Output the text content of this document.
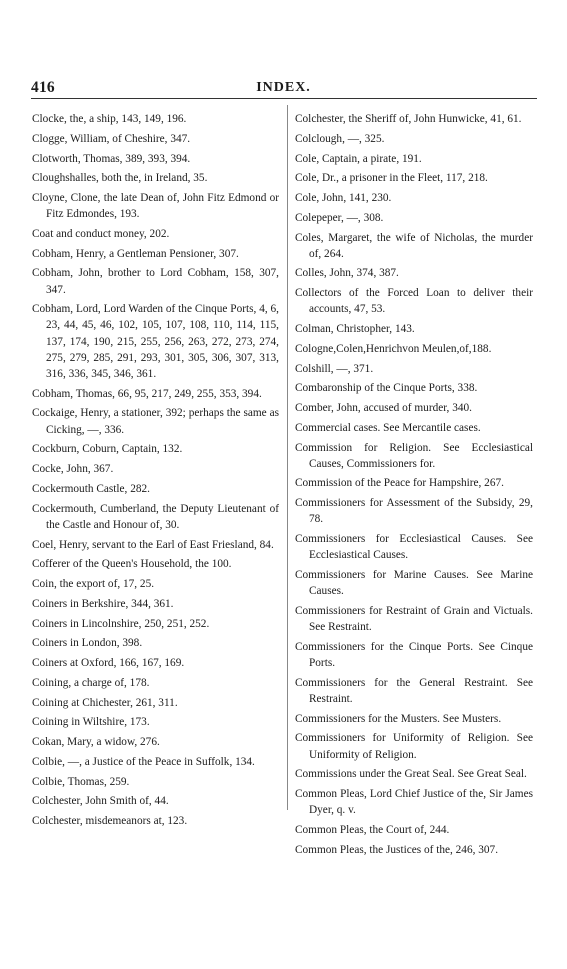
416	INDEX.
Clocke, the, a ship, 143, 149, 196.
Clogge, William, of Cheshire, 347.
Clotworth, Thomas, 389, 393, 394.
Cloughshalles, both the, in Ireland, 35.
Cloyne, Clone, the late Dean of, John Fitz Edmond or Fitz Edmondes, 193.
Coat and conduct money, 202.
Cobham, Henry, a Gentleman Pensioner, 307.
Cobham, John, brother to Lord Cobham, 158, 307, 347.
Cobham, Lord, Lord Warden of the Cinque Ports, 4, 6, 23, 44, 45, 46, 102, 105, 107, 108, 110, 114, 115, 137, 174, 190, 215, 255, 256, 263, 272, 273, 274, 275, 279, 285, 291, 293, 301, 305, 306, 307, 313, 316, 336, 345, 346, 361.
Cobham, Thomas, 66, 95, 217, 249, 255, 353, 394.
Cockaige, Henry, a stationer, 392; perhaps the same as Cicking, —, 336.
Cockburn, Coburn, Captain, 132.
Cocke, John, 367.
Cockermouth Castle, 282.
Cockermouth, Cumberland, the Deputy Lieutenant of the Castle and Honour of, 30.
Coel, Henry, servant to the Earl of East Friesland, 84.
Cofferer of the Queen's Household, the 100.
Coin, the export of, 17, 25.
Coiners in Berkshire, 344, 361.
Coiners in Lincolnshire, 250, 251, 252.
Coiners in London, 398.
Coiners at Oxford, 166, 167, 169.
Coining, a charge of, 178.
Coining at Chichester, 261, 311.
Coining in Wiltshire, 173.
Cokan, Mary, a widow, 276.
Colbie, —, a Justice of the Peace in Suffolk, 134.
Colbie, Thomas, 259.
Colchester, John Smith of, 44.
Colchester, misdemeanors at, 123.
Colchester, the Sheriff of, John Hunwicke, 41, 61.
Colclough, —, 325.
Cole, Captain, a pirate, 191.
Cole, Dr., a prisoner in the Fleet, 117, 218.
Cole, John, 141, 230.
Colepeper, —, 308.
Coles, Margaret, the wife of Nicholas, the murder of, 264.
Colles, John, 374, 387.
Collectors of the Forced Loan to deliver their accounts, 47, 53.
Colman, Christopher, 143.
Cologne,Colen,Henrichvon Meulen,of,188.
Colshill, —, 371.
Combaronship of the Cinque Ports, 338.
Comber, John, accused of murder, 340.
Commercial cases. See Mercantile cases.
Commission for Religion. See Ecclesiastical Causes, Commissioners for.
Commission of the Peace for Hampshire, 267.
Commissioners for Assessment of the Subsidy, 29, 78.
Commissioners for Ecclesiastical Causes. See Ecclesiastical Causes.
Commissioners for Marine Causes. See Marine Causes.
Commissioners for Restraint of Grain and Victuals. See Restraint.
Commissioners for the Cinque Ports. See Cinque Ports.
Commissioners for the General Restraint. See Restraint.
Commissioners for the Musters. See Musters.
Commissioners for Uniformity of Religion. See Uniformity of Religion.
Commissions under the Great Seal. See Great Seal.
Common Pleas, Lord Chief Justice of the, Sir James Dyer, q. v.
Common Pleas, the Court of, 244.
Common Pleas, the Justices of the, 246, 307.
